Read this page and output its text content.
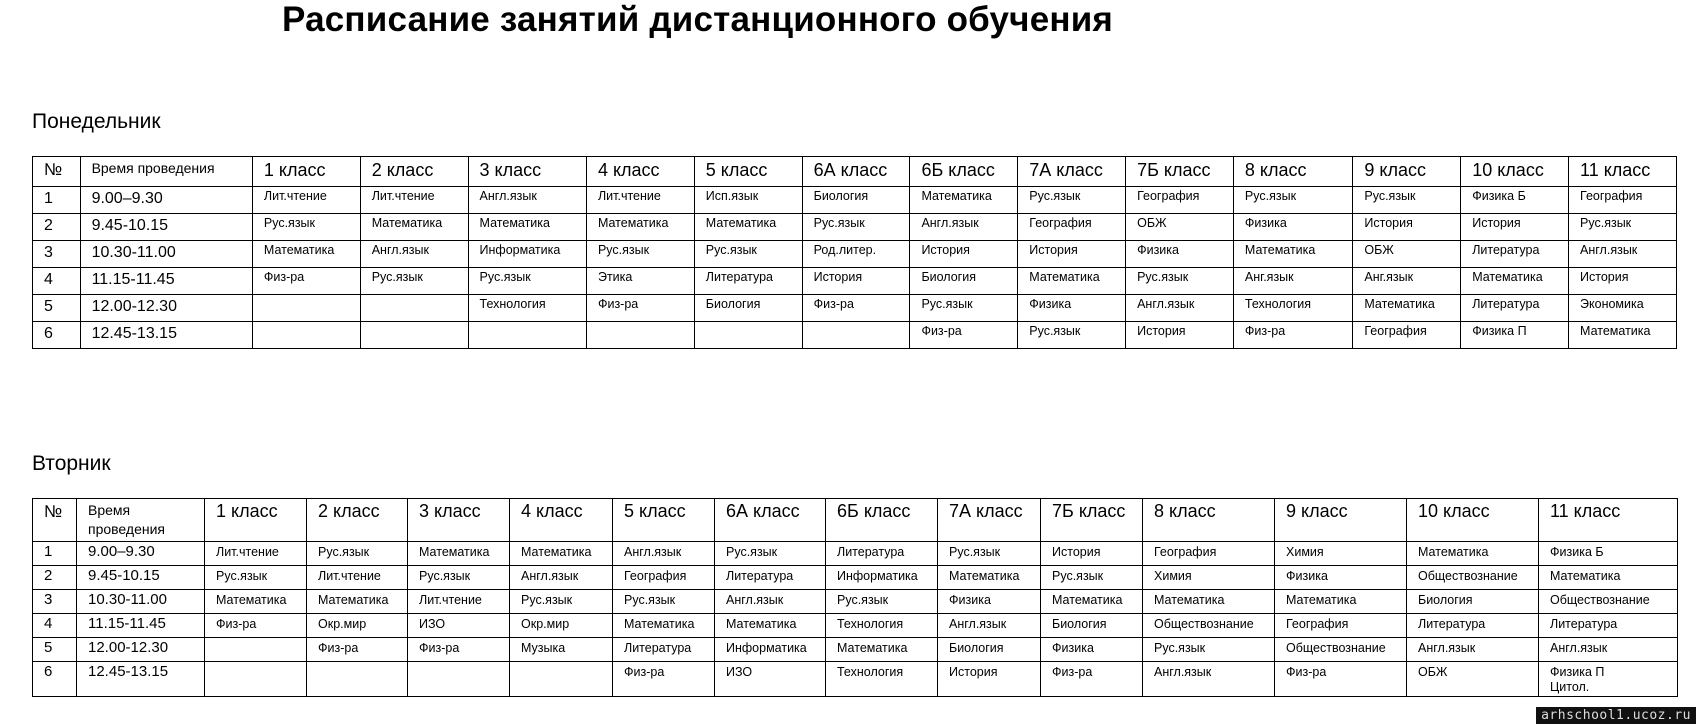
Расписание занятий дистанционного обучения
Понедельник
№	Время проведения	1 класс	2 класс	3 класс	4 класс	5 класс	6А класс	6Б класс	7А класс	7Б класс	8 класс	9 класс	10 класс	11 класс
1	9.00–9.30	Лит.чтение	Лит.чтение	Англ.язык	Лит.чтение	Исп.язык	Биология	Математика	Рус.язык	География	Рус.язык	Рус.язык	Физика Б	География
2	9.45-10.15	Рус.язык	Математика	Математика	Математика	Математика	Рус.язык	Англ.язык	География	ОБЖ	Физика	История	История	Рус.язык
3	10.30-11.00	Математика	Англ.язык	Информатика	Рус.язык	Рус.язык	Род.литер.	История	История	Физика	Математика	ОБЖ	Литература	Англ.язык
4	11.15-11.45	Физ-ра	Рус.язык	Рус.язык	Этика	Литература	История	Биология	Математика	Рус.язык	Анг.язык	Анг.язык	Математика	История
5	12.00-12.30			Технология	Физ-ра	Биология	Физ-ра	Рус.язык	Физика	Англ.язык	Технология	Математика	Литература	Экономика
6	12.45-13.15							Физ-ра	Рус.язык	История	Физ-ра	География	Физика П	Математика
Вторник
№	Время проведения	1 класс	2 класс	3 класс	4 класс	5 класс	6А класс	6Б класс	7А класс	7Б класс	8 класс	9 класс	10 класс	11 класс
1	9.00–9.30	Лит.чтение	Рус.язык	Математика	Математика	Англ.язык	Рус.язык	Литература	Рус.язык	История	География	Химия	Математика	Физика Б
2	9.45-10.15	Рус.язык	Лит.чтение	Рус.язык	Англ.язык	География	Литература	Информатика	Математика	Рус.язык	Химия	Физика	Обществознание	Математика
3	10.30-11.00	Математика	Математика	Лит.чтение	Рус.язык	Рус.язык	Англ.язык	Рус.язык	Физика	Математика	Математика	Математика	Биология	Обществознание
4	11.15-11.45	Физ-ра	Окр.мир	ИЗО	Окр.мир	Математика	Математика	Технология	Англ.язык	Биология	Обществознание	География	Литература	Литература
5	12.00-12.30		Физ-ра	Физ-ра	Музыка	Литература	Информатика	Математика	Биология	Физика	Рус.язык	Обществознание	Англ.язык	Англ.язык
6	12.45-13.15					Физ-ра	ИЗО	Технология	История	Физ-ра	Англ.язык	Физ-ра	ОБЖ	Физика П
Цитол.
arhschool1.ucoz.ru
